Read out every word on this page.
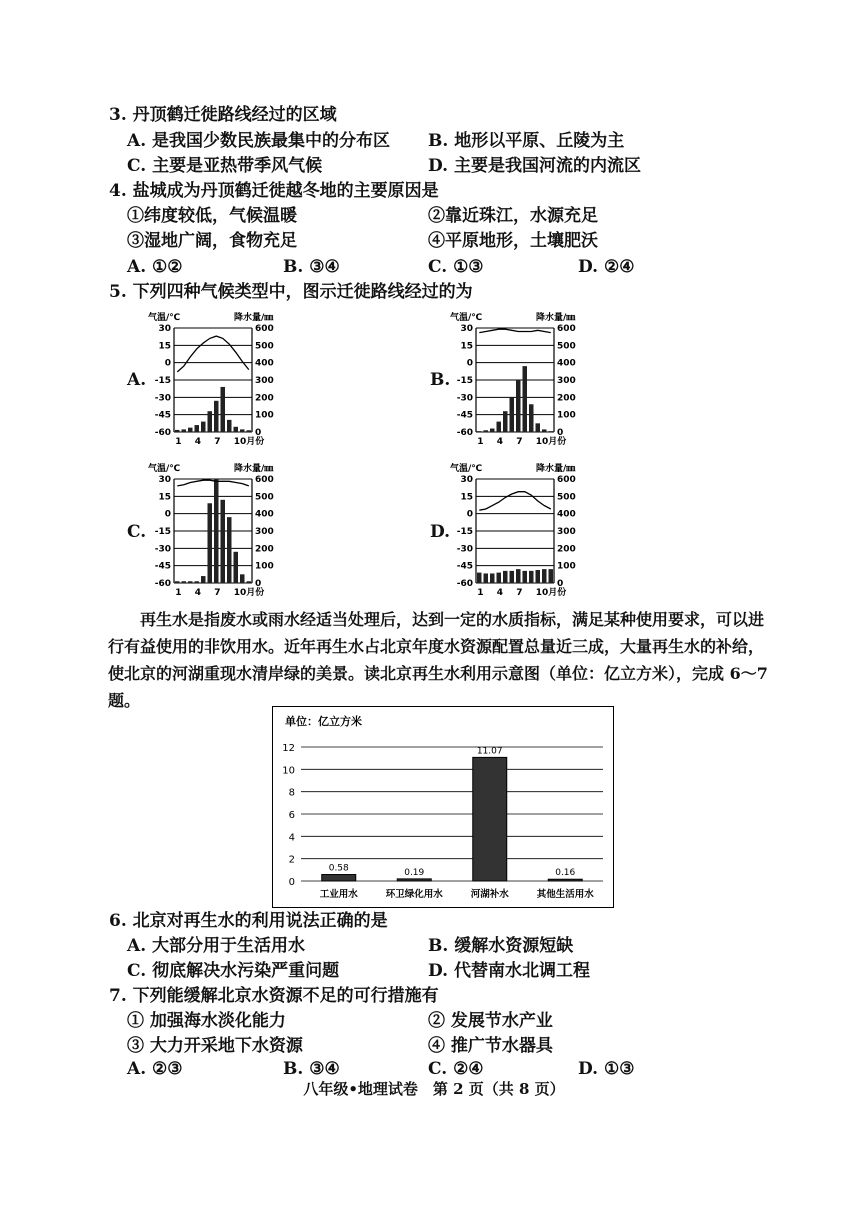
3. 丹顶鹤迁徙路线经过的区域
A. 是我国少数民族最集中的分布区 B. 地形以平原、丘陵为主
C. 主要是亚热带季风气候	D. 主要是我国河流的内流区
4. 盐城成为丹顶鹤迁徙越冬地的主要原因是
①纬度较低，气候温暖	②靠近珠江，水源充足
③湿地广阔，食物充足	④平原地形，土壤肥沃
A. ①②	B. ③④	C. ①③	D. ②④
5. 下列四种气候类型中，图示迁徙路线经过的为
A.	B.
C.	D.
气温/℃	降水量/㎜
30	600
15	500
0	400
-15	300
-30	200
-45	100
-60	0
1 4 7 10月份
气温/℃	降水量/㎜
30	600
15	500
0	400
-15	300
-30	200
-45	100
-60	0
1 4 7 10月份
气温/℃	降水量/㎜
30	600
15	500
0	400
-15	300
-30	200
-45	100
-60	0
1 4 7 10月份
气温/℃	降水量/㎜
30	600
15	500
0	400
-15	300
-30	200
-45	100
-60	0
1 4 7 10月份
再生水是指废水或雨水经适当处理后，达到一定的水质指标，满足某种使用要求，可以进行有益使用的非饮用水。近年再生水占北京年度水资源配置总量近三成，大量再生水的补给，使北京的河湖重现水清岸绿的美景。读北京再生水利用示意图（单位：亿立方米），完成 6～7 题。
单位：亿立方米
0
2
4
6
8
10
12
0.58
工业用水
0.19
环卫绿化用水
11.07
河湖补水
0.16
其他生活用水
6. 北京对再生水的利用说法正确的是
A. 大部分用于生活用水	B. 缓解水资源短缺
C. 彻底解决水污染严重问题	D. 代替南水北调工程
7. 下列能缓解北京水资源不足的可行措施有
① 加强海水淡化能力	② 发展节水产业
③ 大力开采地下水资源	④ 推广节水器具
A. ②③	B. ③④	C. ②④	D. ①③
八年级•地理试卷　第 2 页（共 8 页）
